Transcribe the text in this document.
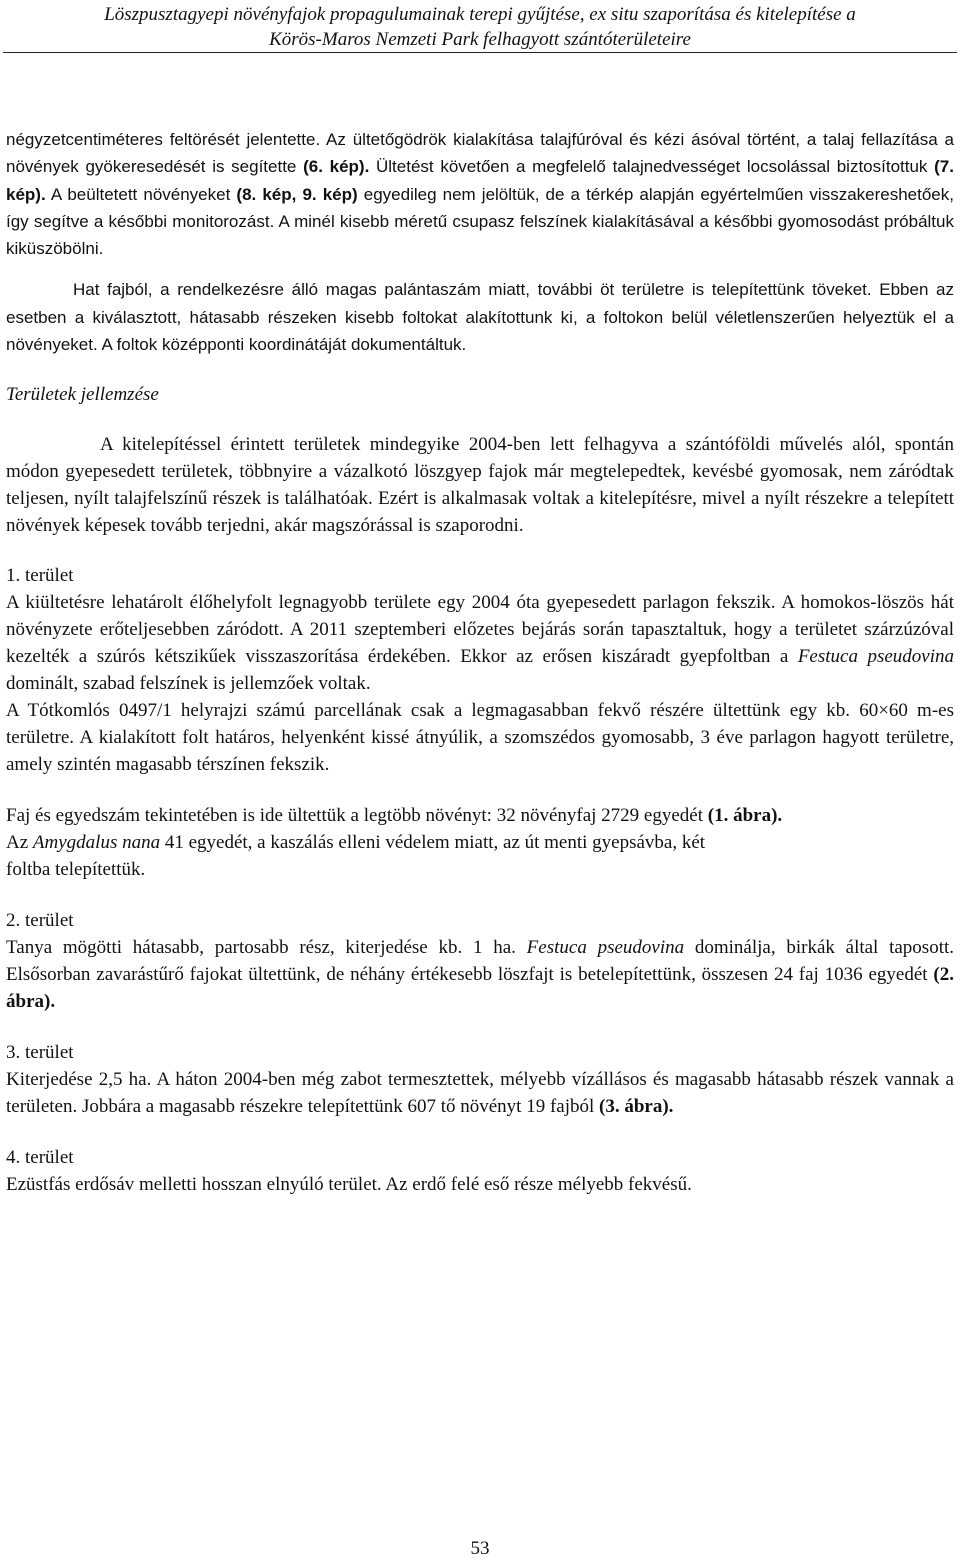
Löszpusztagyepi növényfajok propagulumainak terepi gyűjtése, ex situ szaporítása és kitelepítése a
Körös-Maros Nemzeti Park felhagyott szántóterületeire

négyzetcentiméteres feltörését jelentette. Az ültetőgödrök kialakítása talajfúróval és kézi ásóval történt, a talaj fellazítása a növények gyökeresedését is segítette (6. kép). Ültetést követően a megfelelő talajnedvességet locsolással biztosítottuk (7. kép). A beültetett növényeket (8. kép, 9. kép) egyedileg nem jelöltük, de a térkép alapján egyértelműen visszakereshetőek, így segítve a későbbi monitorozást. A minél kisebb méretű csupasz felszínek kialakításával a későbbi gyomosodást próbáltuk kiküszöbölni.

Hat fajból, a rendelkezésre álló magas palántaszám miatt, további öt területre is telepítettünk töveket. Ebben az esetben a kiválasztott, hátasabb részeken kisebb foltokat alakítottunk ki, a foltokon belül véletlenszerűen helyeztük el a növényeket. A foltok középponti koordinátáját dokumentáltuk.

Területek jellemzése

A kitelepítéssel érintett területek mindegyike 2004-ben lett felhagyva a szántóföldi művelés alól, spontán módon gyepesedett területek, többnyire a vázalkotó löszgyep fajok már megtelepedtek, kevésbé gyomosak, nem záródtak teljesen, nyílt talajfelszínű részek is találhatóak. Ezért is alkalmasak voltak a kitelepítésre, mivel a nyílt részekre a telepített növények képesek tovább terjedni, akár magszórással is szaporodni.

1. terület

A kiültetésre lehatárolt élőhelyfolt legnagyobb területe egy 2004 óta gyepesedett parlagon fekszik. A homokos-löszös hát növényzete erőteljesebben záródott. A 2011 szeptemberi előzetes bejárás során tapasztaltuk, hogy a területet szárzúzóval kezelték a szúrós kétszikűek visszaszorítása érdekében. Ekkor az erősen kiszáradt gyepfoltban a Festuca pseudovina dominált, szabad felszínek is jellemzőek voltak.

A Tótkomlós 0497/1 helyrajzi számú parcellának csak a legmagasabban fekvő részére ültettünk egy kb. 60×60 m-es területre. A kialakított folt határos, helyenként kissé átnyúlik, a szomszédos gyomosabb, 3 éve parlagon hagyott területre, amely szintén magasabb térszínen fekszik.

Faj és egyedszám tekintetében is ide ültettük a legtöbb növényt: 32 növényfaj 2729 egyedét (1. ábra).

Az Amygdalus nana 41 egyedét, a kaszálás elleni védelem miatt, az út menti gyepsávba, két
foltba telepítettük.
2. terület

Tanya mögötti hátasabb, partosabb rész, kiterjedése kb. 1 ha. Festuca pseudovina dominálja, birkák által taposott. Elsősorban zavarástűrő fajokat ültettünk, de néhány értékesebb löszfajt is betelepítettünk, összesen 24 faj 1036 egyedét (2. ábra).

3. terület

Kiterjedése 2,5 ha. A háton 2004-ben még zabot termesztettek, mélyebb vízállásos és magasabb hátasabb részek vannak a területen. Jobbára a magasabb részekre telepítettünk 607 tő növényt 19 fajból (3. ábra).

4. terület

Ezüstfás erdősáv melletti hosszan elnyúló terület. Az erdő felé eső része mélyebb fekvésű.

53
